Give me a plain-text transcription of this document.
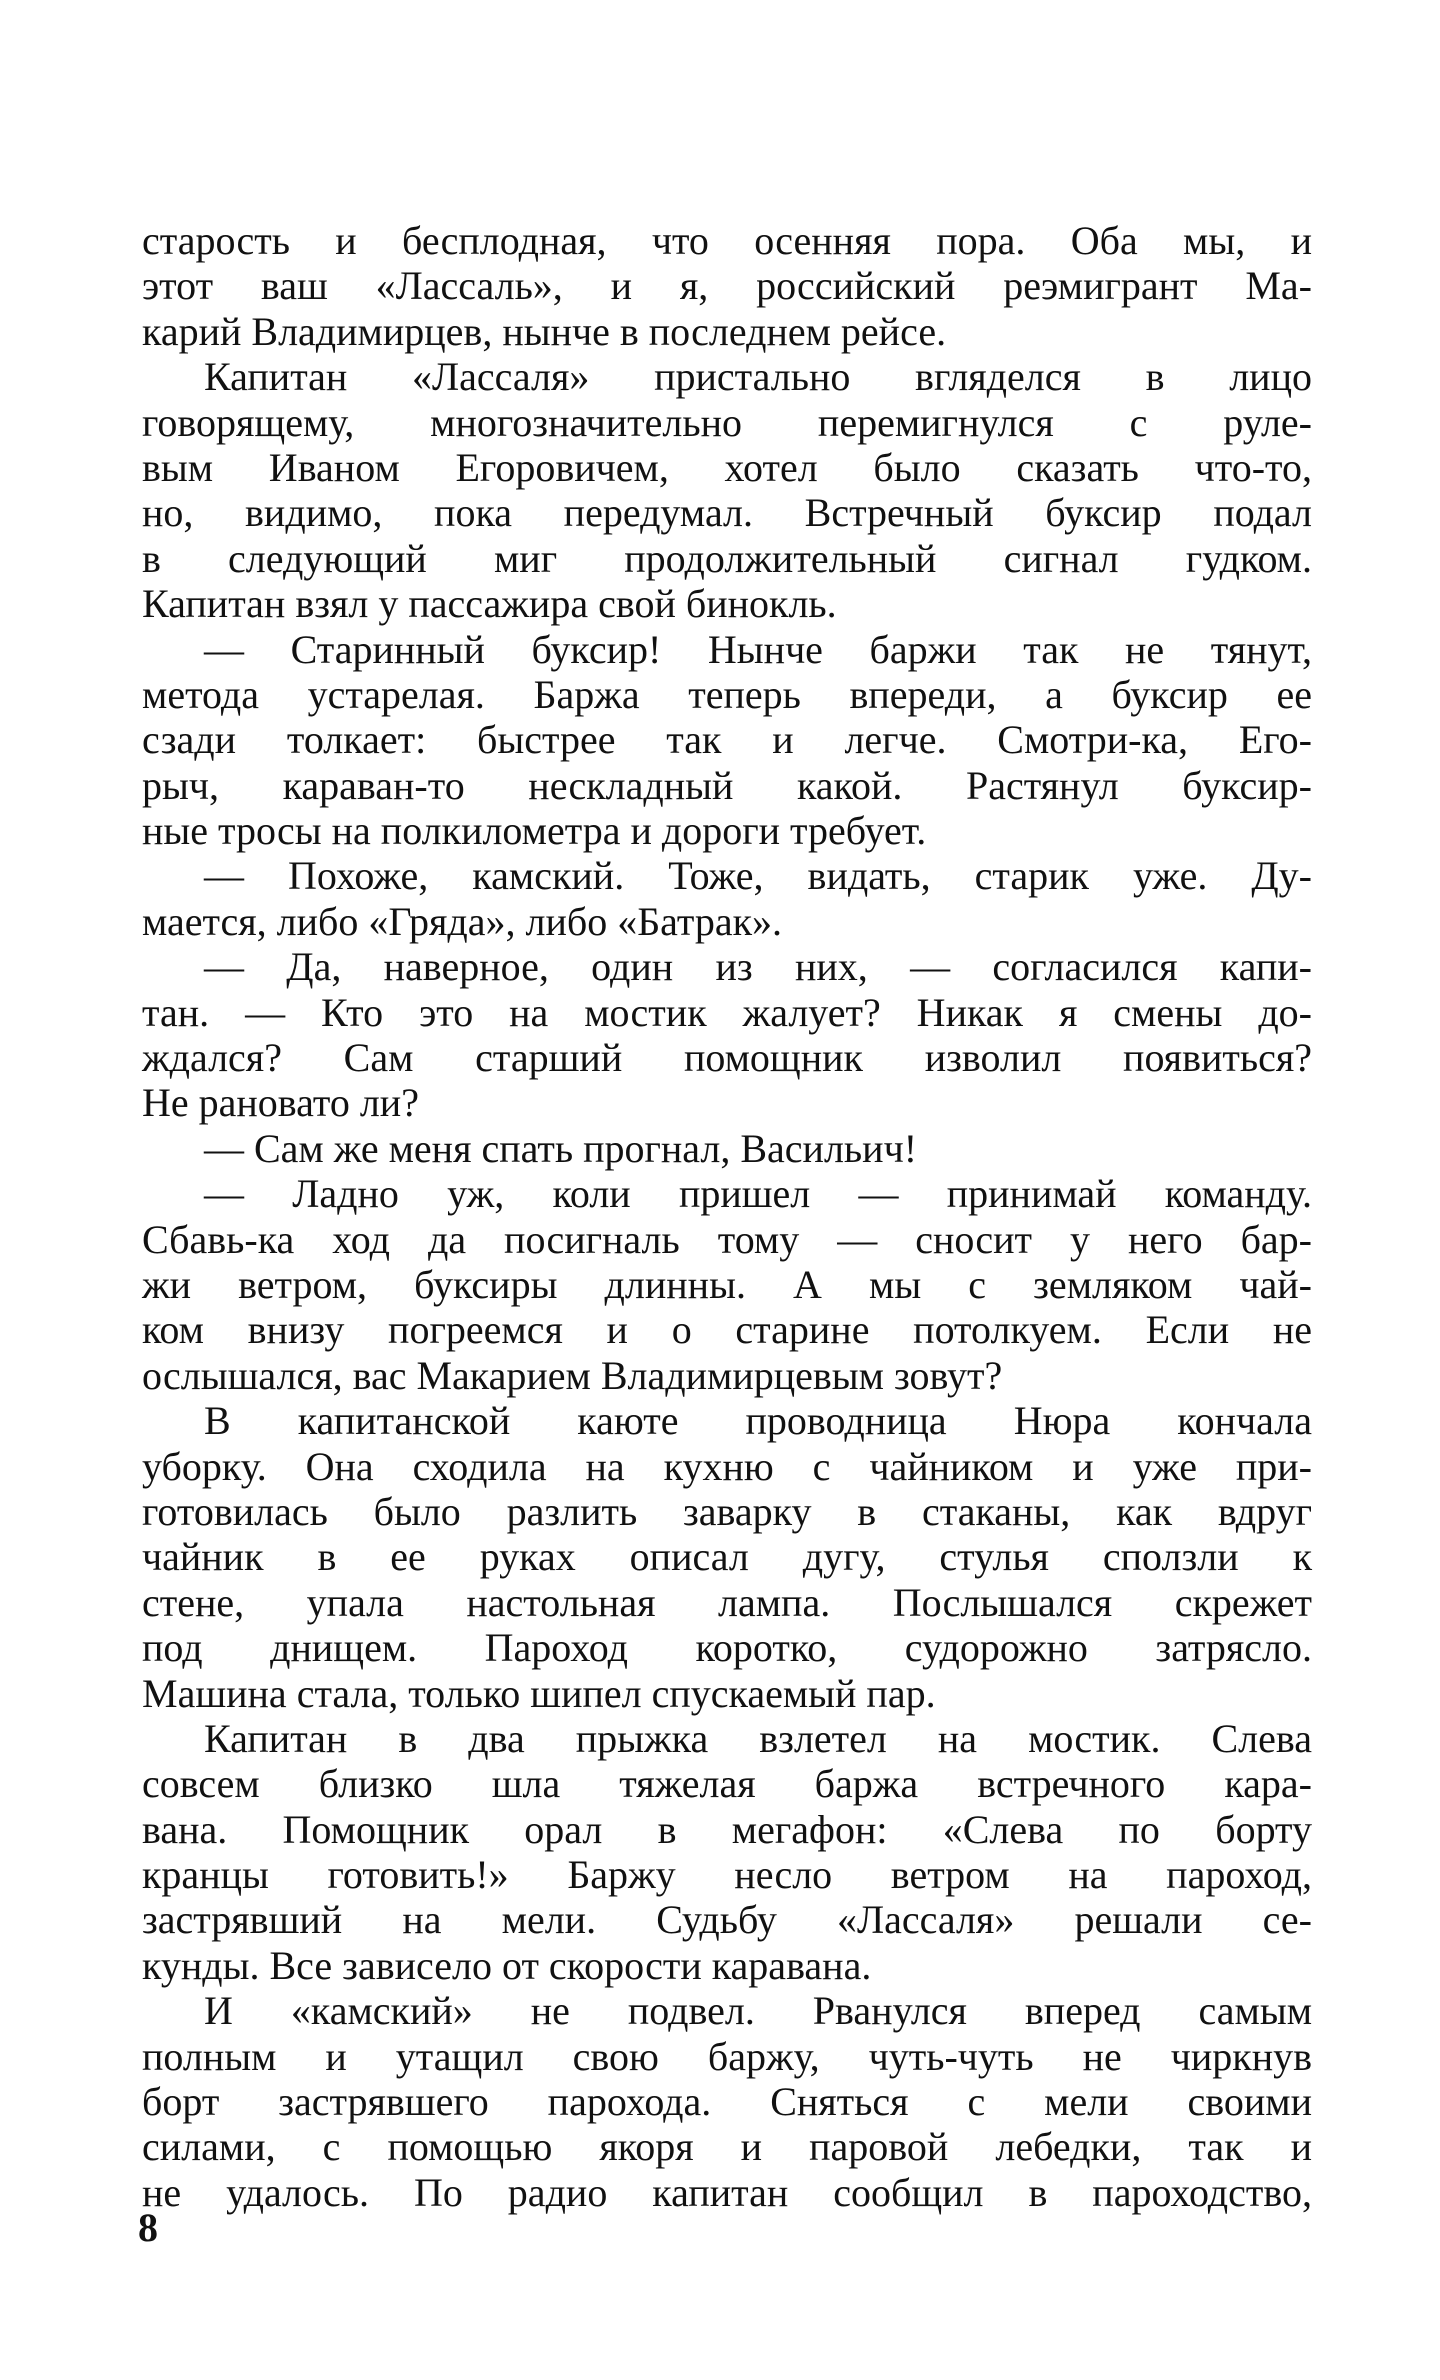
старость и бесплодная, что осенняя пора. Оба мы, и
этот ваш «Лассаль», и я, российский реэмигрант Ма-
карий Владимирцев, нынче в последнем рейсе.
Капитан «Лассаля» пристально вгляделся в лицо
говорящему, многозначительно перемигнулся с руле-
вым Иваном Егоровичем, хотел было сказать что-то,
но, видимо, пока передумал. Встречный буксир подал
в следующий миг продолжительный сигнал гудком.
Капитан взял у пассажира свой бинокль.
— Старинный буксир! Нынче баржи так не тянут,
метода устарелая. Баржа теперь впереди, а буксир ее
сзади толкает: быстрее так и легче. Смотри-ка, Его-
рыч, караван-то нескладный какой. Растянул буксир-
ные тросы на полкилометра и дороги требует.
— Похоже, камский. Тоже, видать, старик уже. Ду-
мается, либо «Гряда», либо «Батрак».
— Да, наверное, один из них, — согласился капи-
тан. — Кто это на мостик жалует? Никак я смены до-
ждался? Сам старший помощник изволил появиться?
Не рановато ли?
— Сам же меня спать прогнал, Васильич!
— Ладно уж, коли пришел — принимай команду.
Сбавь-ка ход да посигналь тому — сносит у него бар-
жи ветром, буксиры длинны. А мы с земляком чай-
ком внизу погреемся и о старине потолкуем. Если не
ослышался, вас Макарием Владимирцевым зовут?
В капитанской каюте проводница Нюра кончала
уборку. Она сходила на кухню с чайником и уже при-
готовилась было разлить заварку в стаканы, как вдруг
чайник в ее руках описал дугу, стулья сползли к
стене, упала настольная лампа. Послышался скрежет
под днищем. Пароход коротко, судорожно затрясло.
Машина стала, только шипел спускаемый пар.
Капитан в два прыжка взлетел на мостик. Слева
совсем близко шла тяжелая баржа встречного кара-
вана. Помощник орал в мегафон: «Слева по борту
кранцы готовить!» Баржу несло ветром на пароход,
застрявший на мели. Судьбу «Лассаля» решали се-
кунды. Все зависело от скорости каравана.
И «камский» не подвел. Рванулся вперед самым
полным и утащил свою баржу, чуть-чуть не чиркнув
борт застрявшего парохода. Сняться с мели своими
силами, с помощью якоря и паровой лебедки, так и
не удалось. По радио капитан сообщил в пароходство,
8
